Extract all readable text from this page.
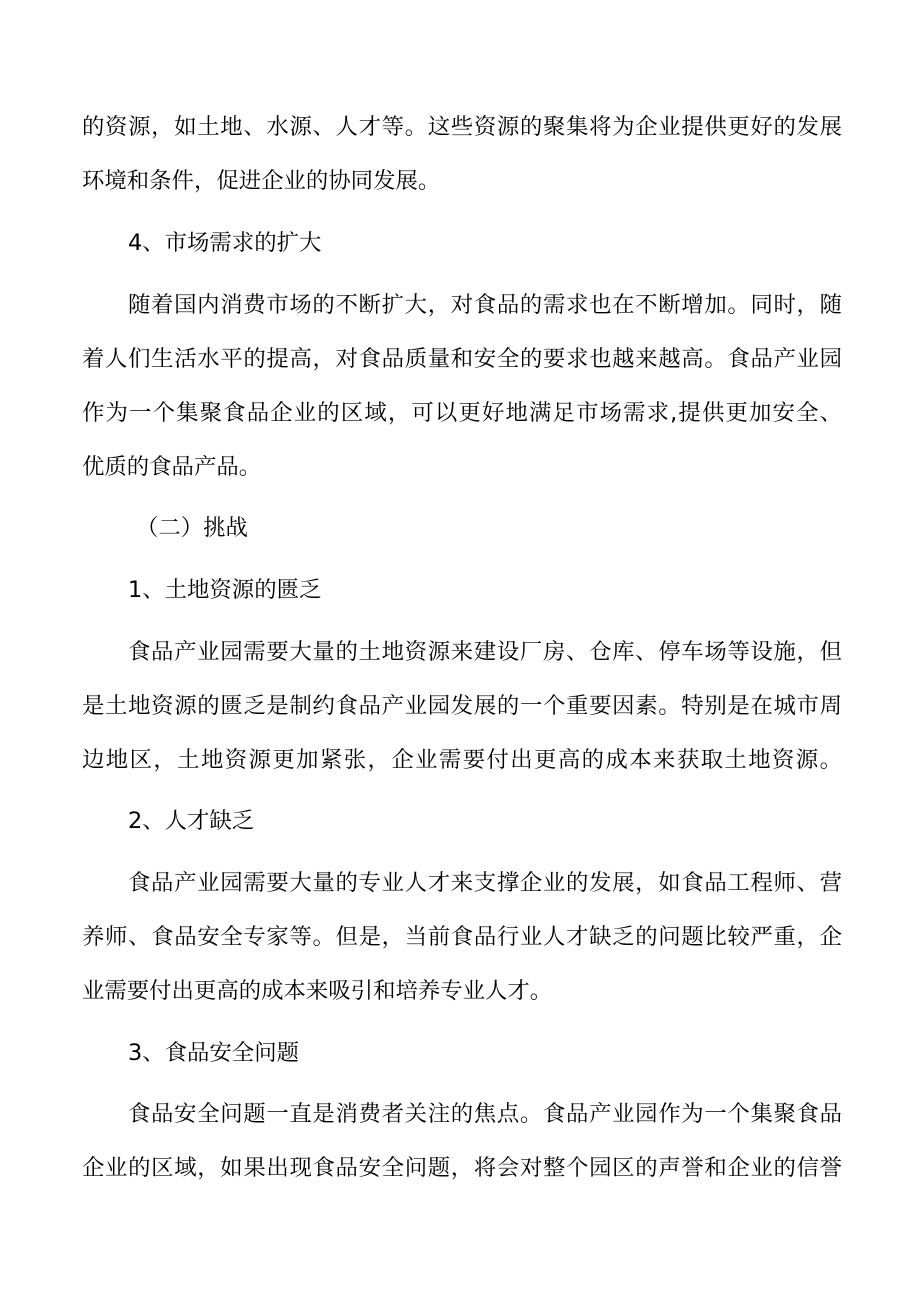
的资源，如土地、水源、人才等。这些资源的聚集将为企业提供更好的发展
环境和条件，促进企业的协同发展。
4、市场需求的扩大
随着国内消费市场的不断扩大，对食品的需求也在不断增加。同时，随
着人们生活水平的提高，对食品质量和安全的要求也越来越高。食品产业园
作为一个集聚食品企业的区域，可以更好地满足市场需求,提供更加安全、
优质的食品产品。
（二）挑战
1、土地资源的匮乏
食品产业园需要大量的土地资源来建设厂房、仓库、停车场等设施，但
是土地资源的匮乏是制约食品产业园发展的一个重要因素。特别是在城市周
边地区，土地资源更加紧张，企业需要付出更高的成本来获取土地资源。
2、人才缺乏
食品产业园需要大量的专业人才来支撑企业的发展，如食品工程师、营
养师、食品安全专家等。但是，当前食品行业人才缺乏的问题比较严重，企
业需要付出更高的成本来吸引和培养专业人才。
3、食品安全问题
食品安全问题一直是消费者关注的焦点。食品产业园作为一个集聚食品
企业的区域，如果出现食品安全问题，将会对整个园区的声誉和企业的信誉
